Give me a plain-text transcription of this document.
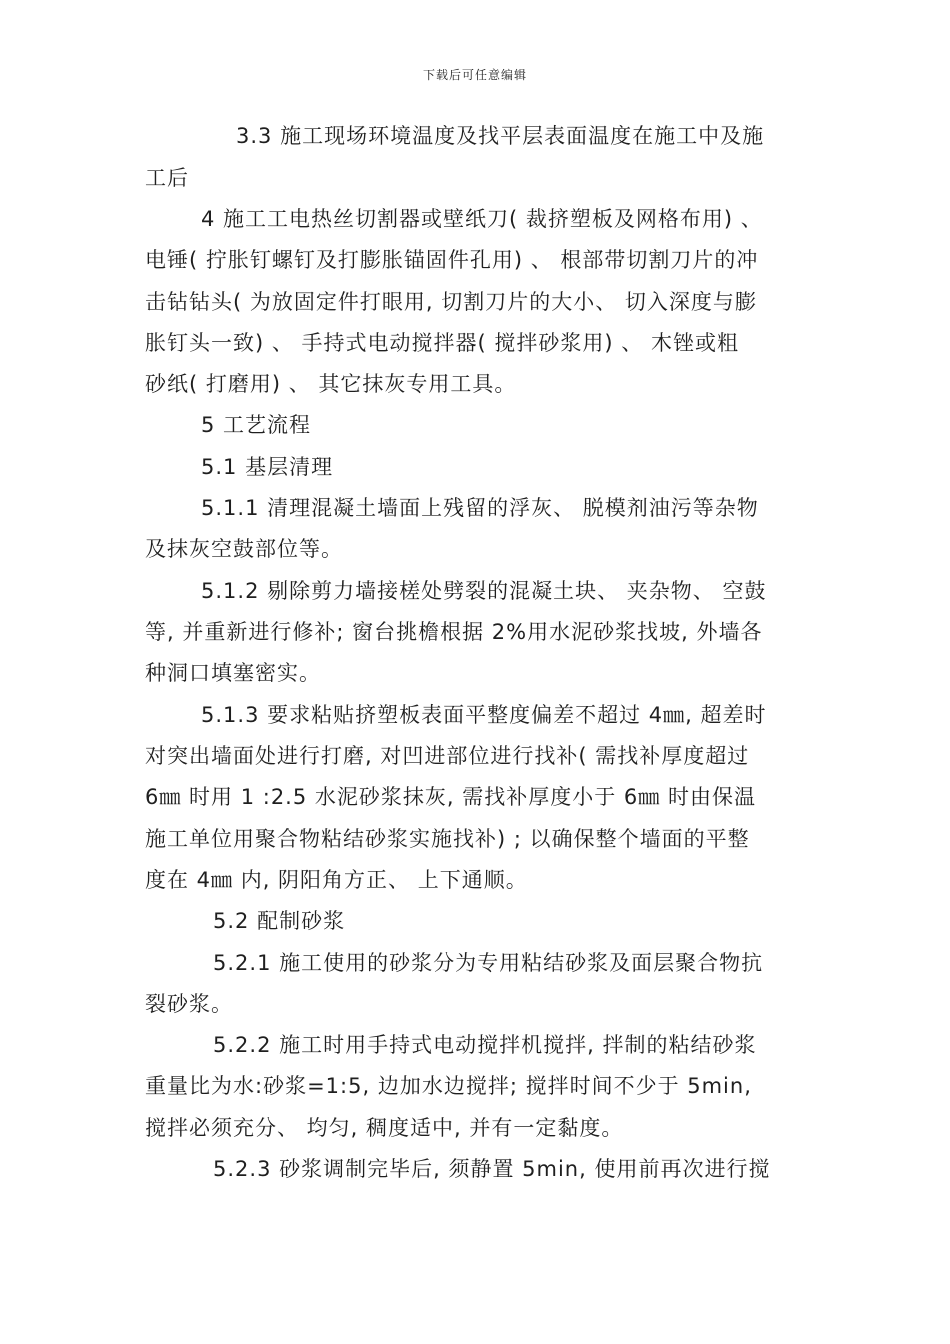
下载后可任意编辑
3.3 施工现场环境温度及找平层表面温度在施工中及施
工后
4 施工工电热丝切割器或壁纸刀( 裁挤塑板及网格布用) 、
电锤( 拧胀钉螺钉及打膨胀锚固件孔用) 、 根部带切割刀片的冲
击钻钻头( 为放固定件打眼用, 切割刀片的大小、 切入深度与膨
胀钉头一致) 、 手持式电动搅拌器( 搅拌砂浆用) 、 木锉或粗
砂纸( 打磨用) 、 其它抹灰专用工具。
5 工艺流程
5.1 基层清理
5.1.1 清理混凝土墙面上残留的浮灰、 脱模剂油污等杂物
及抹灰空鼓部位等。
5.1.2 剔除剪力墙接槎处劈裂的混凝土块、 夹杂物、 空鼓
等, 并重新进行修补; 窗台挑檐根据 2%用水泥砂浆找坡, 外墙各
种洞口填塞密实。
5.1.3 要求粘贴挤塑板表面平整度偏差不超过 4㎜, 超差时
对突出墙面处进行打磨, 对凹进部位进行找补( 需找补厚度超过
6㎜ 时用 1 :2.5 水泥砂浆抹灰, 需找补厚度小于 6㎜ 时由保温
施工单位用聚合物粘结砂浆实施找补) ; 以确保整个墙面的平整
度在 4㎜ 内, 阴阳角方正、 上下通顺。
5.2 配制砂浆
5.2.1 施工使用的砂浆分为专用粘结砂浆及面层聚合物抗
裂砂浆。
5.2.2 施工时用手持式电动搅拌机搅拌, 拌制的粘结砂浆
重量比为水:砂浆=1:5, 边加水边搅拌; 搅拌时间不少于 5min,
搅拌必须充分、 均匀, 稠度适中, 并有一定黏度。
5.2.3 砂浆调制完毕后, 须静置 5min, 使用前再次进行搅
